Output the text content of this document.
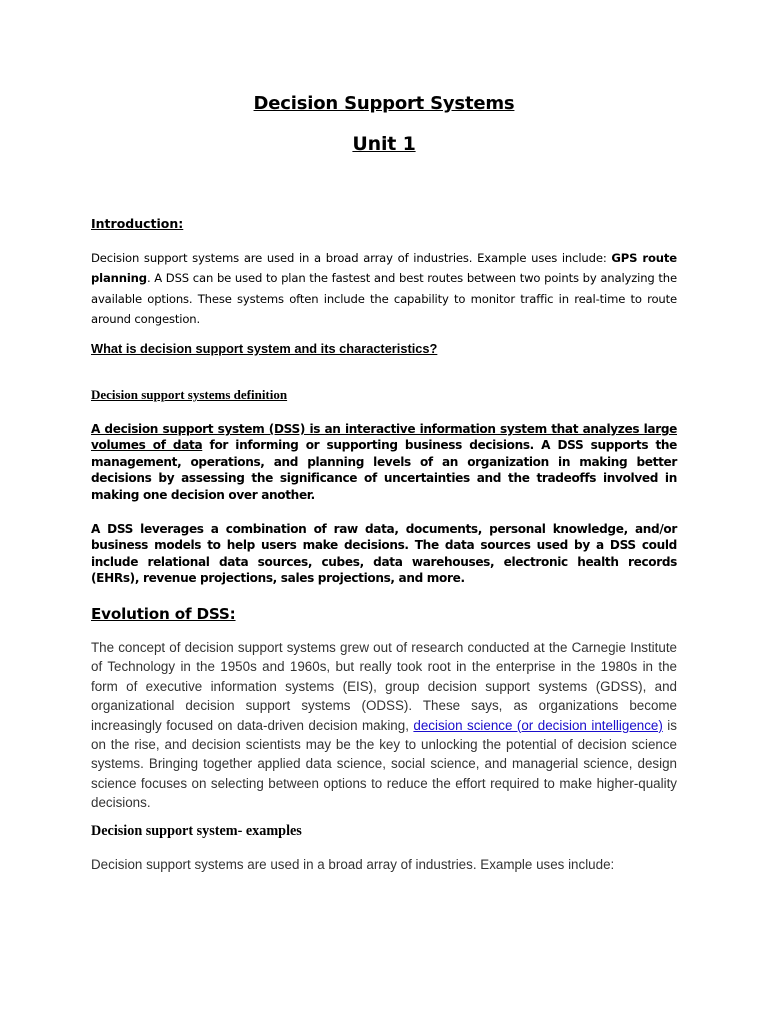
Decision Support Systems
Unit 1
Introduction:
Decision support systems are used in a broad array of industries. Example uses include: GPS route planning. A DSS can be used to plan the fastest and best routes between two points by analyzing the available options. These systems often include the capability to monitor traffic in real-time to route around congestion.
What is decision support system and its characteristics?
Decision support systems definition
A decision support system (DSS) is an interactive information system that analyzes large volumes of data for informing or supporting business decisions. A DSS supports the management, operations, and planning levels of an organization in making better decisions by assessing the significance of uncertainties and the tradeoffs involved in making one decision over another.
A DSS leverages a combination of raw data, documents, personal knowledge, and/or business models to help users make decisions. The data sources used by a DSS could include relational data sources, cubes, data warehouses, electronic health records (EHRs), revenue projections, sales projections, and more.
Evolution of DSS:
The concept of decision support systems grew out of research conducted at the Carnegie Institute of Technology in the 1950s and 1960s, but really took root in the enterprise in the 1980s in the form of executive information systems (EIS), group decision support systems (GDSS), and organizational decision support systems (ODSS). These says, as organizations become increasingly focused on data-driven decision making, decision science (or decision intelligence) is on the rise, and decision scientists may be the key to unlocking the potential of decision science systems. Bringing together applied data science, social science, and managerial science, design science focuses on selecting between options to reduce the effort required to make higher-quality decisions.
Decision support system- examples
Decision support systems are used in a broad array of industries. Example uses include:
